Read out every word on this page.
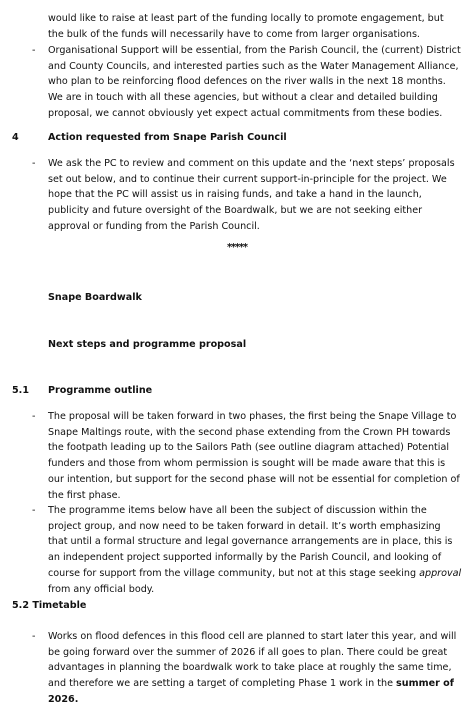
would like to raise at least part of the funding locally to promote engagement, but the bulk of the funds will necessarily have to come from larger organisations.

- Organisational Support will be essential, from the Parish Council, the (current) District and County Councils, and interested parties such as the Water Management Alliance, who plan to be reinforcing flood defences on the river walls in the next 18 months. We are in touch with all these agencies, but without a clear and detailed building proposal, we cannot obviously yet expect actual commitments from these bodies.

4	Action requested from Snape Parish Council

- We ask the PC to review and comment on this update and the ‘next steps’ proposals set out below, and to continue their current support-in-principle for the project. We hope that the PC will assist us in raising funds, and take a hand in the launch, publicity and future oversight of the Boardwalk, but we are not seeking either approval or funding from the Parish Council.

*****

Snape Boardwalk

Next steps and programme proposal

5.1 Programme outline

- The proposal will be taken forward in two phases, the first being the Snape Village to Snape Maltings route, with the second phase extending from the Crown PH towards the footpath leading up to the Sailors Path (see outline diagram attached) Potential funders and those from whom permission is sought will be made aware that this is our intention, but support for the second phase will not be essential for completion of the first phase.

- The programme items below have all been the subject of discussion within the project group, and now need to be taken forward in detail. It’s worth emphasizing that until a formal structure and legal governance arrangements are in place, this is an independent project supported informally by the Parish Council, and looking of course for support from the village community, but not at this stage seeking approval from any official body.

5.2 Timetable

- Works on flood defences in this flood cell are planned to start later this year, and will be going forward over the summer of 2026 if all goes to plan. There could be great advantages in planning the boardwalk work to take place at roughly the same time, and therefore we are setting a target of completing Phase 1 work in the summer of 2026.
